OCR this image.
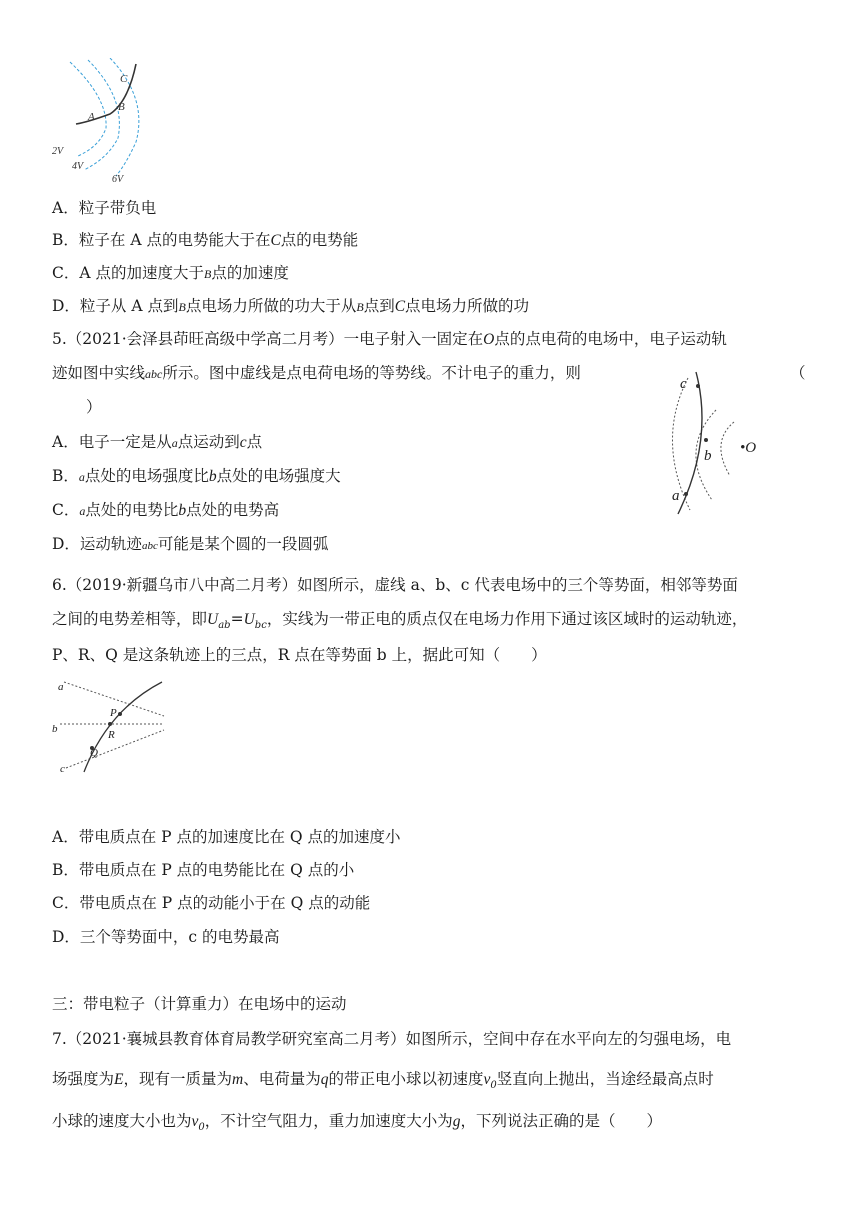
C
B
A
2V
4V
6V
A．粒子带负电
B．粒子在 A 点的电势能大于在C点的电势能
C．A 点的加速度大于B点的加速度
D．粒子从 A 点到B点电场力所做的功大于从B点到C点电场力所做的功
5.（2021·会泽县茚旺高级中学高二月考）一电子射入一固定在O点的点电荷的电场中，电子运动轨
迹如图中实线abc所示。图中虚线是点电荷电场的等势线。不计电子的重力，则	（
）
A．电子一定是从a点运动到c点
B．a点处的电场强度比b点处的电场强度大
C．a点处的电势比b点处的电势高
D．运动轨迹abc可能是某个圆的一段圆弧
c
b
a
•O
6.（2019·新疆乌市八中高二月考）如图所示，虚线 a、b、c 代表电场中的三个等势面，相邻等势面
之间的电势差相等，即$U_{ab}=U_{bc}$，实线为一带正电的质点仅在电场力作用下通过该区域时的运动轨迹，
P、R、Q 是这条轨迹上的三点，R 点在等势面 b 上，据此可知（　　）
a
b
c
P
R
Q
A．带电质点在 P 点的加速度比在 Q 点的加速度小
B．带电质点在 P 点的电势能比在 Q 点的小
C．带电质点在 P 点的动能小于在 Q 点的动能
D．三个等势面中，c 的电势最高
三：带电粒子（计算重力）在电场中的运动
7.（2021·襄城县教育体育局教学研究室高二月考）如图所示，空间中存在水平向左的匀强电场，电
场强度为E，现有一质量为m、电荷量为q的带正电小球以初速度$v_0$竖直向上抛出，当途经最高点时
小球的速度大小也为$v_0$，不计空气阻力，重力加速度大小为g，下列说法正确的是（　　）
